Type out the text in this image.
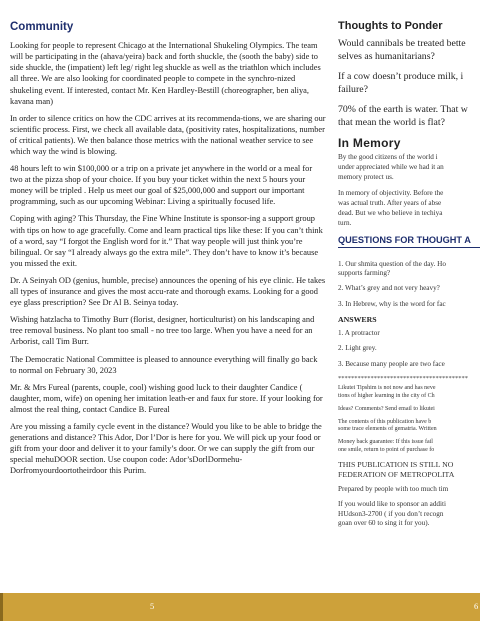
Community

Looking for people to represent Chicago at the International Shukeling Olympics. The team will be participating in the (ahava/yeira) back and forth shuckle, the (sooth the baby) side to side shuckle, the (impatient) left leg/ right leg shuckle as well as the triathlon which includes all three. We are also looking for coordinated people to compete in the synchro-nized shukeling event. If interested, contact Mr. Ken Hardley-Bestill (choreographer, ben aliya, kavana man)

In order to silence critics on how the CDC arrives at its recommenda-tions, we are sharing our scientific process. First, we check all available data, (positivity rates, hospitalizations, number of critical patients). We then balance those metrics with the national weather service to see which way the wind is blowing.

48 hours left to win $100,000 or a trip on a private jet anywhere in the world or a meal for two at the pizza shop of your choice. If you buy your ticket within the next 5 hours your money will be tripled . Help us meet our goal of $25,000,000 and support our important programming, such as our upcoming Webinar: Living a spiritually focused life.

Coping with aging? This Thursday, the Fine Whine Institute is sponsor-ing a support group with tips on how to age gracefully. Come and learn practical tips like these: If you can’t think of a word, say “I forgot the English word for it.” That way people will just think you’re bilingual. Or say “I already always go the extra mile”. They don’t have to know it’s because you missed the exit.

Dr. A Seinyah OD (genius, humble, precise) announces the opening of his eye clinic. He takes all types of insurance and gives the most accu-rate and thorough exams. Looking for a good eye glass prescription? See Dr Al B. Seinya today.

Wishing hatzlacha to Timothy Burr (florist, designer, horticulturist) on his landscaping and tree removal business. No plant too small - no tree too large. When you have a need for an Arborist, call Tim Burr.

The Democratic National Committee is pleased to announce everything will finally go back to normal on February 30, 2023

Mr. & Mrs Fureal (parents, couple, cool) wishing good luck to their daughter Candice ( daughter, mom, wife) on opening her imitation leath-er and faux fur store. If your looking for almost the real thing, contact Candice B. Fureal

Are you missing a family cycle event in the distance? Would you like to be able to bridge the generations and distance? This Ador, Dor l’Dor is here for you. We will pick up your food or gift from your door and deliver it to your family’s door. Or we can supply the gift from our special mehuDOOR section. Use coupon code: Ador’sDorlDormehu-Dorfromyourdoortotheirdoor this Purim.

Thoughts to Ponder

Would cannibals be treated bette
selves as humanitarians?

If a cow doesn’t produce milk, i
failure?

70% of the earth is water. That w
that mean the world is flat?

In Memory

By the good citizens of the world i
under appreciated while we had it an
memory protect us.

In memory of objectivity. Before the
was actual truth. After years of abse
dead. But we who believe in techiya
turn.

QUESTIONS FOR THOUGHT A

1. Our shmita question of the day. Ho
supports farming?

2. What’s grey and not very heavy?

3. In Hebrew, why is the word for fac

ANSWERS

1. A protractor

2. Light grey.

3. Because many people are two face

****************************************

Likutei Tipshim is not now and has neve
tions of higher learning in the city of Ch

Ideas? Comments? Send email to likutei

The contents of this publication have b
some trace elements of gematria. Written

Money back guarantee: If this issue fail
one smile, return to point of purchase fo

THIS PUBLICATION IS STILL NO
FEDERATION OF METROPOLITA

Prepared by people with too much tim

If you would like to sponsor an additi
HUdson3-2700 ( if you don’t recogn
goan over 60 to sing it for you).

5	6
